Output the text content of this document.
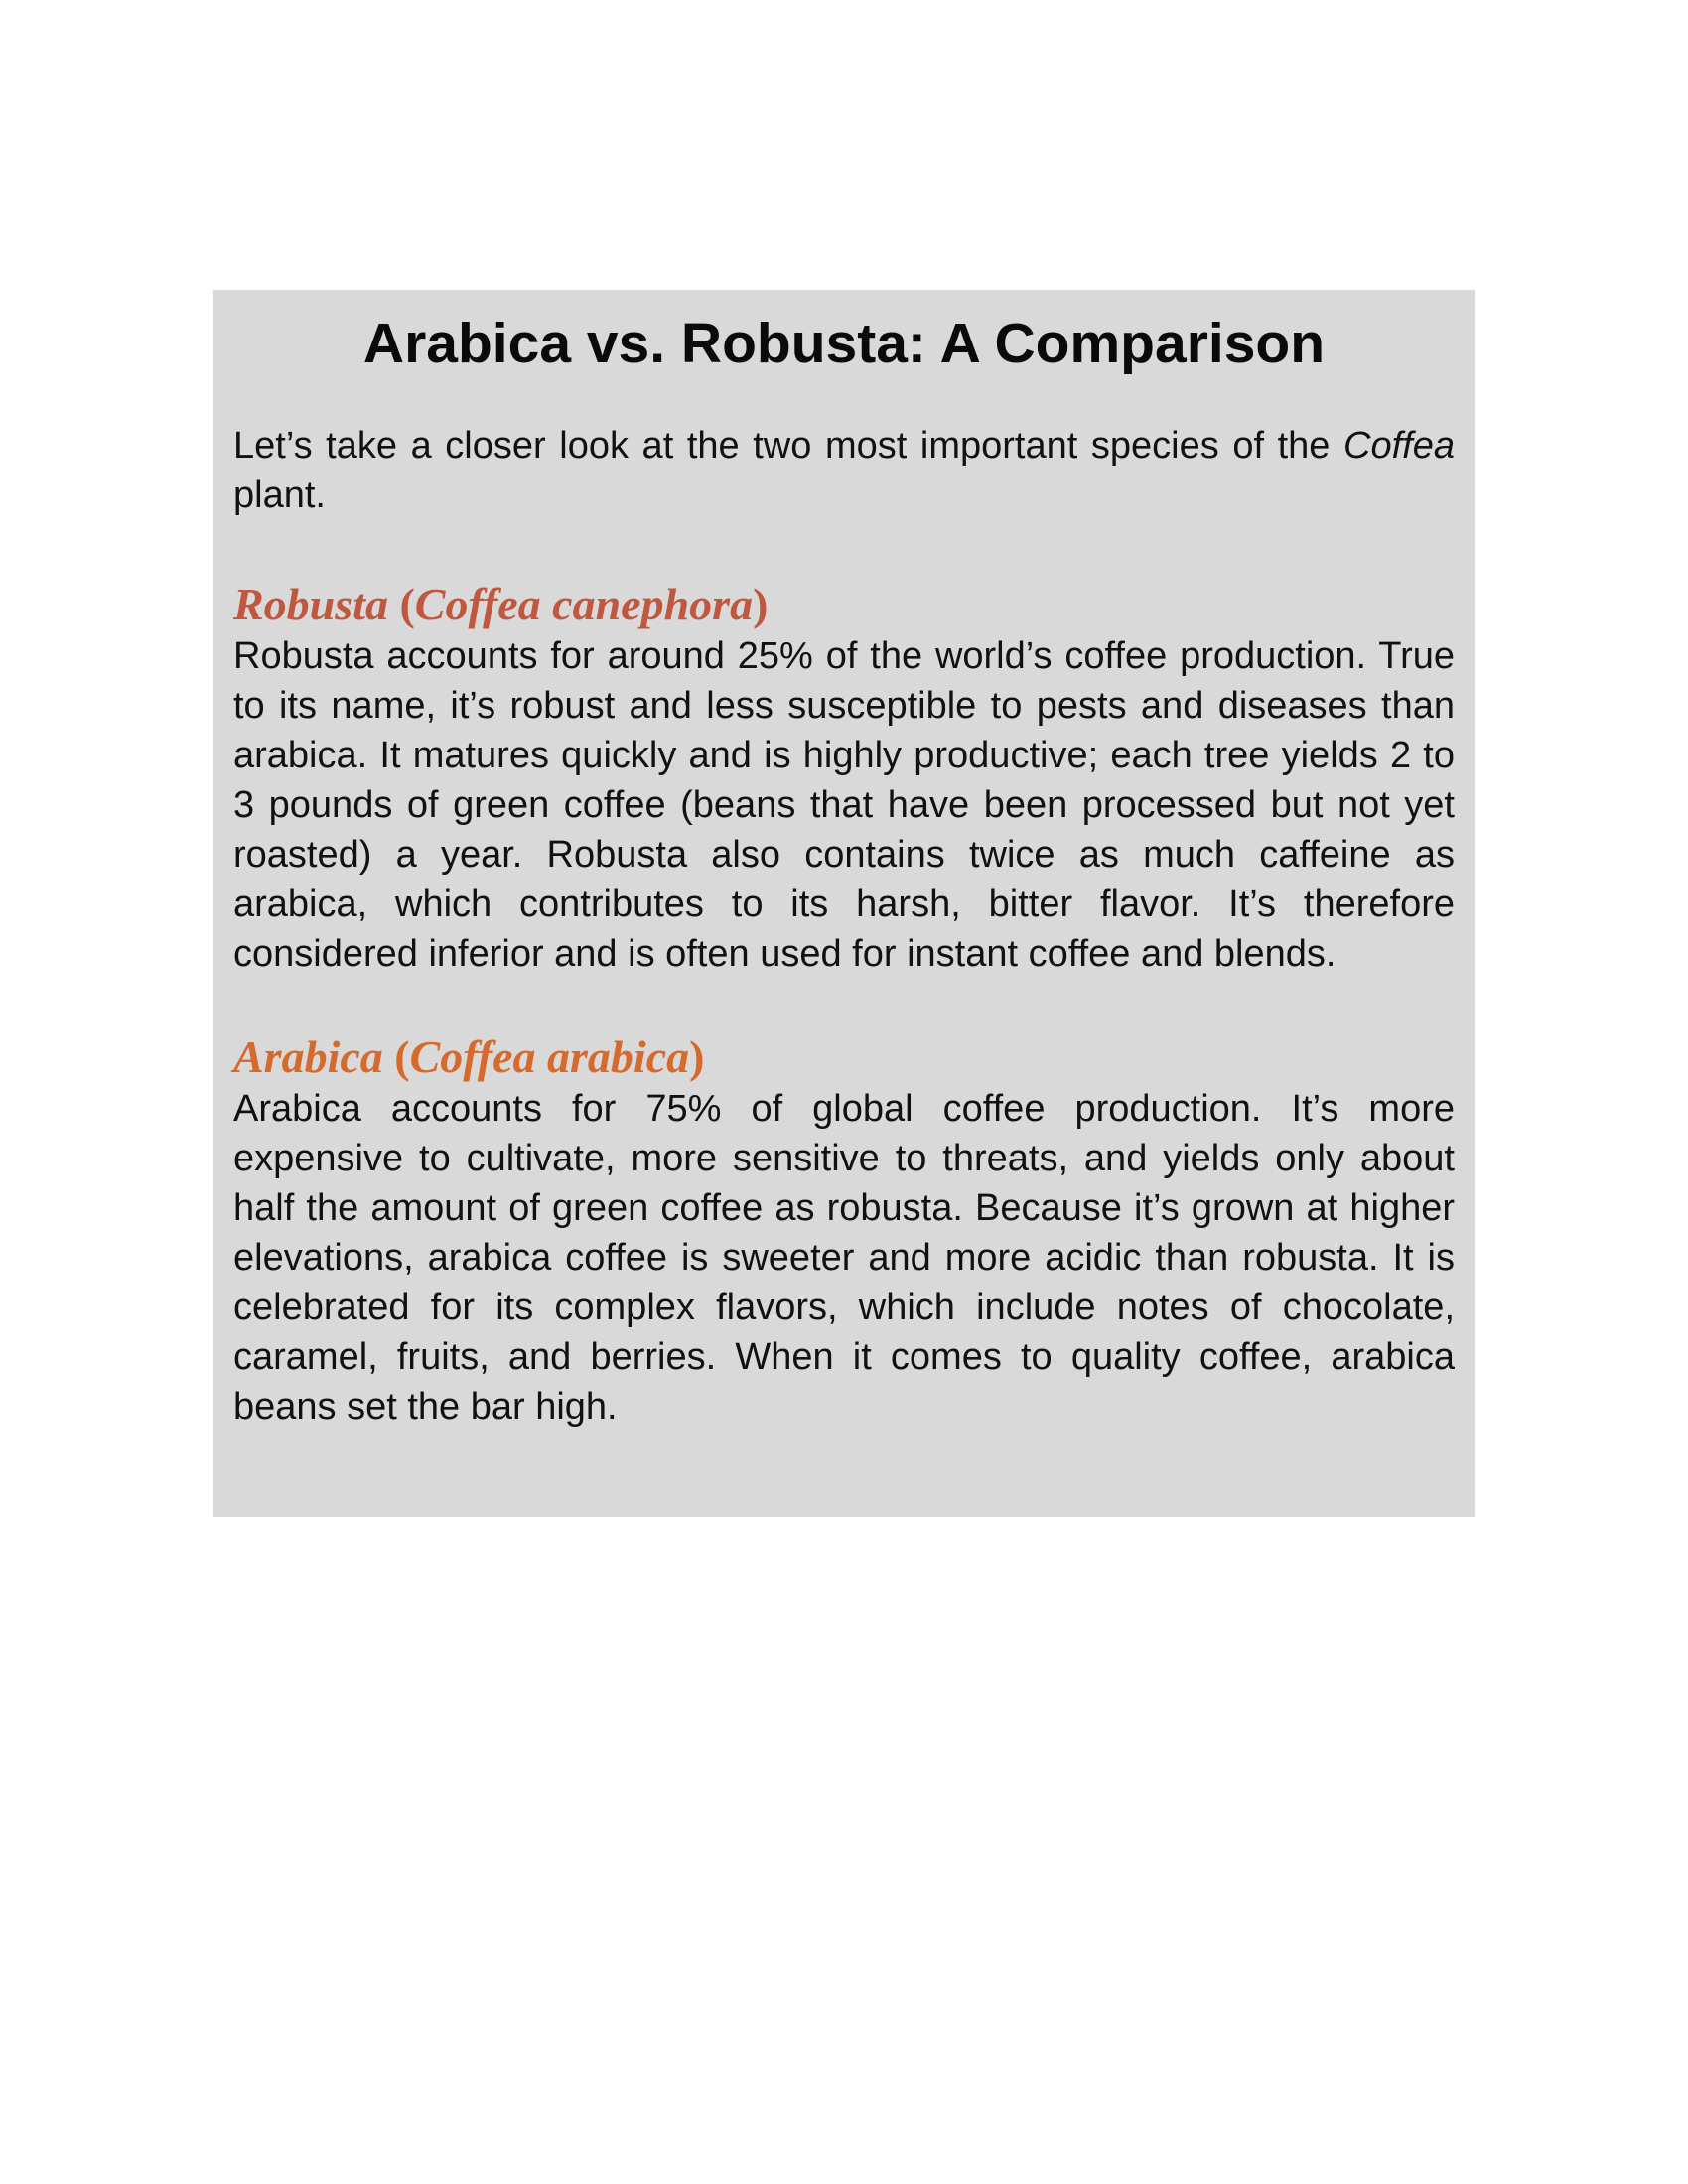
Arabica vs. Robusta: A Comparison

Let’s take a closer look at the two most important species of the Coffea plant.

Robusta (Coffea canephora)

Robusta accounts for around 25% of the world’s coffee production. True to its name, it’s robust and less susceptible to pests and diseases than arabica. It matures quickly and is highly productive; each tree yields 2 to 3 pounds of green coffee (beans that have been processed but not yet roasted) a year. Robusta also contains twice as much caffeine as arabica, which contributes to its harsh, bitter flavor. It’s therefore considered inferior and is often used for instant coffee and blends.

Arabica (Coffea arabica)

Arabica accounts for 75% of global coffee production. It’s more expensive to cultivate, more sensitive to threats, and yields only about half the amount of green coffee as robusta. Because it’s grown at higher elevations, arabica coffee is sweeter and more acidic than robusta. It is celebrated for its complex flavors, which include notes of chocolate, caramel, fruits, and berries. When it comes to quality coffee, arabica beans set the bar high.
